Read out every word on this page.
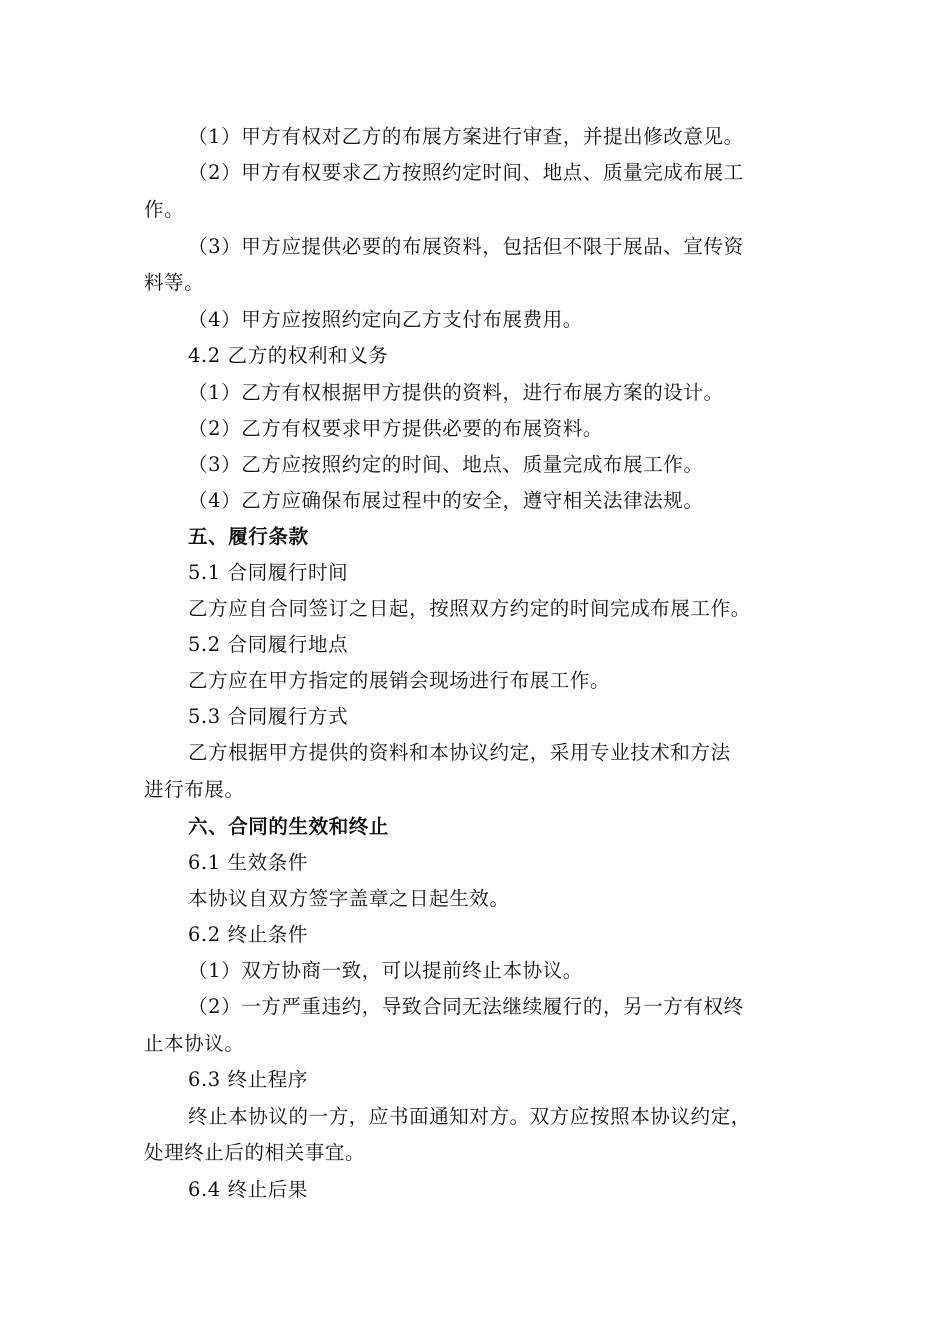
（1）甲方有权对乙方的布展方案进行审查，并提出修改意见。
（2）甲方有权要求乙方按照约定时间、地点、质量完成布展工
作。
（3）甲方应提供必要的布展资料，包括但不限于展品、宣传资
料等。
（4）甲方应按照约定向乙方支付布展费用。
4.2 乙方的权利和义务
（1）乙方有权根据甲方提供的资料，进行布展方案的设计。
（2）乙方有权要求甲方提供必要的布展资料。
（3）乙方应按照约定的时间、地点、质量完成布展工作。
（4）乙方应确保布展过程中的安全，遵守相关法律法规。
五、履行条款
5.1 合同履行时间
乙方应自合同签订之日起，按照双方约定的时间完成布展工作。
5.2 合同履行地点
乙方应在甲方指定的展销会现场进行布展工作。
5.3 合同履行方式
乙方根据甲方提供的资料和本协议约定，采用专业技术和方法
进行布展。
六、合同的生效和终止
6.1 生效条件
本协议自双方签字盖章之日起生效。
6.2 终止条件
（1）双方协商一致，可以提前终止本协议。
（2）一方严重违约，导致合同无法继续履行的，另一方有权终
止本协议。
6.3 终止程序
终止本协议的一方，应书面通知对方。双方应按照本协议约定，
处理终止后的相关事宜。
6.4 终止后果
